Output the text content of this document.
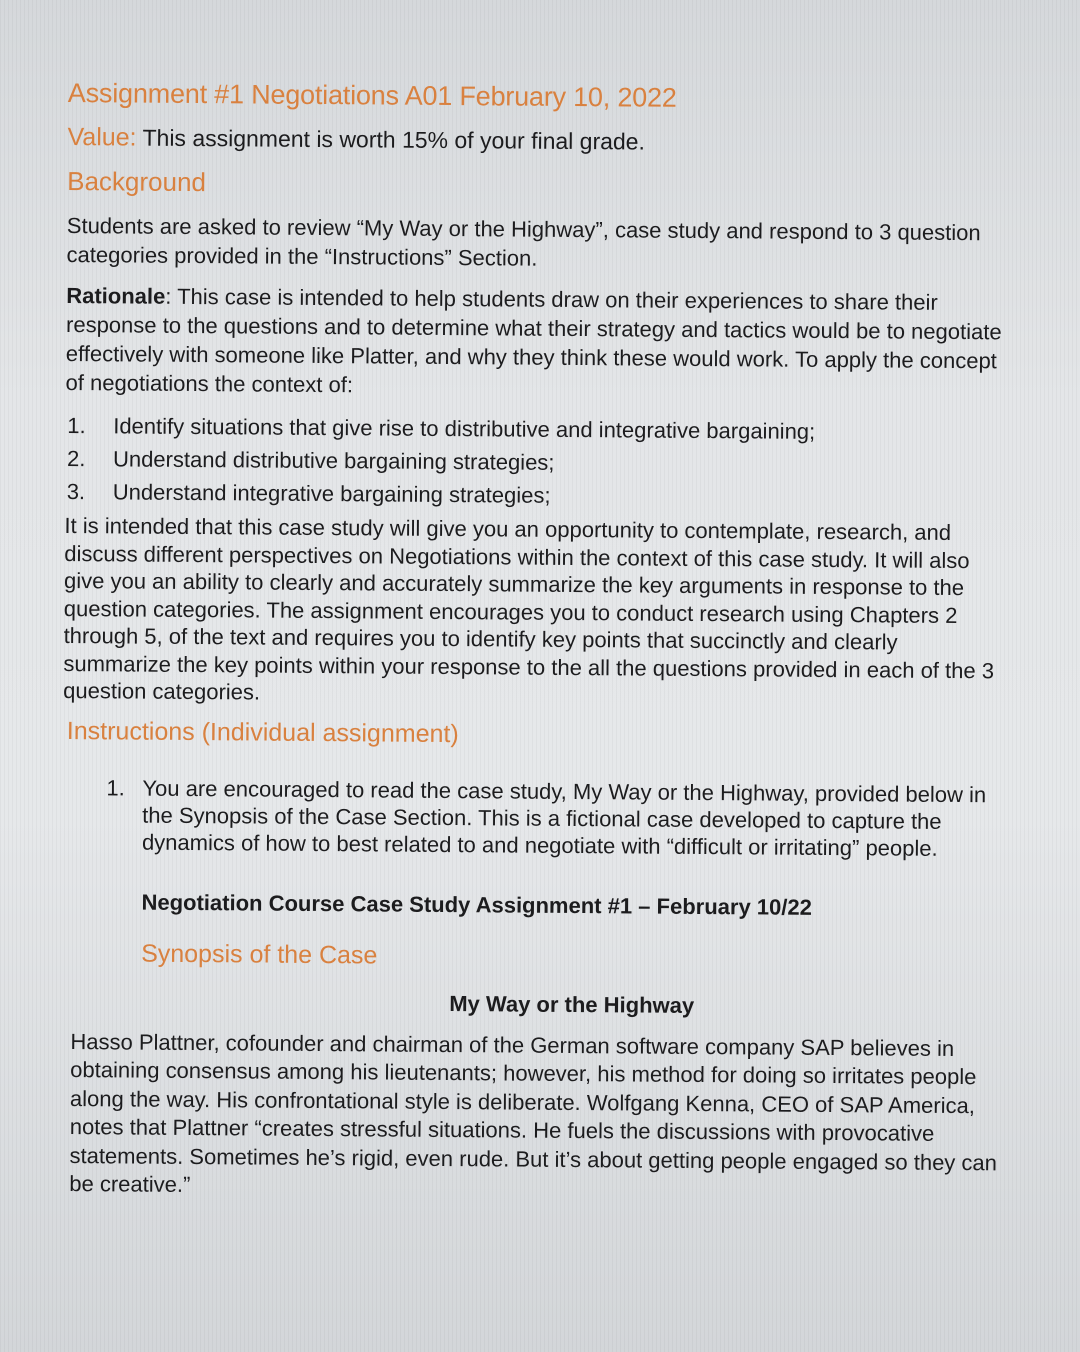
Assignment #1 Negotiations A01 February 10, 2022
Value: This assignment is worth 15% of your final grade.
Background

Students are asked to review “My Way or the Highway”, case study and respond to 3 question categories provided in the “Instructions” Section.

Rationale: This case is intended to help students draw on their experiences to share their response to the questions and to determine what their strategy and tactics would be to negotiate effectively with someone like Platter, and why they think these would work. To apply the concept of negotiations the context of:

1.	Identify situations that give rise to distributive and integrative bargaining;
2.	Understand distributive bargaining strategies;
3.	Understand integrative bargaining strategies;

It is intended that this case study will give you an opportunity to contemplate, research, and discuss different perspectives on Negotiations within the context of this case study. It will also give you an ability to clearly and accurately summarize the key arguments in response to the question categories. The assignment encourages you to conduct research using Chapters 2 through 5, of the text and requires you to identify key points that succinctly and clearly summarize the key points within your response to the all the questions provided in each of the 3 question categories.

Instructions (Individual assignment)
1. You are encouraged to read the case study, My Way or the Highway, provided below in the Synopsis of the Case Section. This is a fictional case developed to capture the dynamics of how to best related to and negotiate with “difficult or irritating” people.
Negotiation Course Case Study Assignment #1 – February 10/22
Synopsis of the Case
My Way or the Highway

Hasso Plattner, cofounder and chairman of the German software company SAP believes in obtaining consensus among his lieutenants; however, his method for doing so irritates people along the way. His confrontational style is deliberate. Wolfgang Kenna, CEO of SAP America, notes that Plattner “creates stressful situations. He fuels the discussions with provocative statements. Sometimes he’s rigid, even rude. But it’s about getting people engaged so they can be creative.”
